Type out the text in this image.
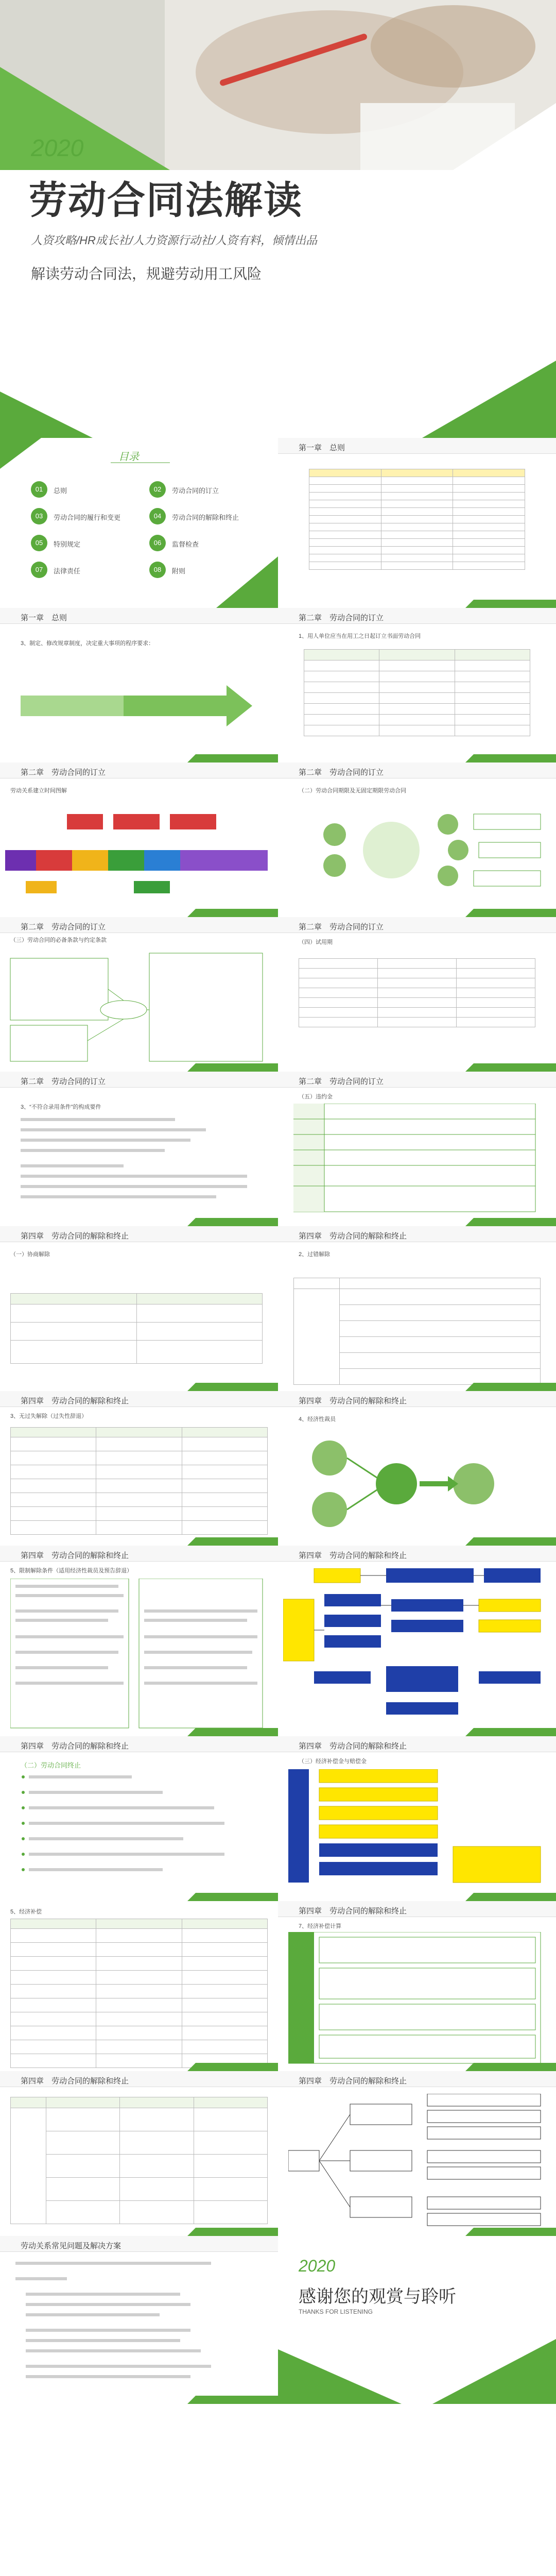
2020
劳动合同法解读
人资攻略/HR成长社/人力资源行动社/人资有料，倾情出品
解读劳动合同法，规避劳动用工风险
目录
01	总则	02	劳动合同的订立
03	劳动合同的履行和变更	04	劳动合同的解除和终止
05	特别规定	06	监督检查
07	法律责任	08	附则
第一章　总则

第一章　总则
3、制定、修改规章制度，决定重大事项的程序要求：
第二章　劳动合同的订立
1、用人单位应当在用工之日起订立书面劳动合同

第二章　劳动合同的订立
劳动关系建立时间图解
第二章　劳动合同的订立
（二）劳动合同期限及无固定期限劳动合同
第二章　劳动合同的订立
（三）劳动合同的必备条款与约定条款
第二章　劳动合同的订立
（四）试用期

第二章　劳动合同的订立
3、“不符合录用条件”的构成要件
第二章　劳动合同的订立
（五）违约金
第四章　劳动合同的解除和终止
（一）协商解除

第四章　劳动合同的解除和终止
2、过错解除

第四章　劳动合同的解除和终止
3、无过失解除（过失性辞退）

第四章　劳动合同的解除和终止
4、经济性裁员
第四章　劳动合同的解除和终止
5、限制解除条件（适用经济性裁员及预告辞退）
第四章　劳动合同的解除和终止
第四章　劳动合同的解除和终止
（二）劳动合同终止
第四章　劳动合同的解除和终止
（三）经济补偿金与赔偿金
5、经济补偿

			第四章　劳动合同的解除和终止
7、经济补偿计算
第四章　劳动合同的解除和终止

			第四章　劳动合同的解除和终止
劳动关系常见问题及解决方案
2020
感谢您的观赏与聆听
THANKS FOR LISTENING
